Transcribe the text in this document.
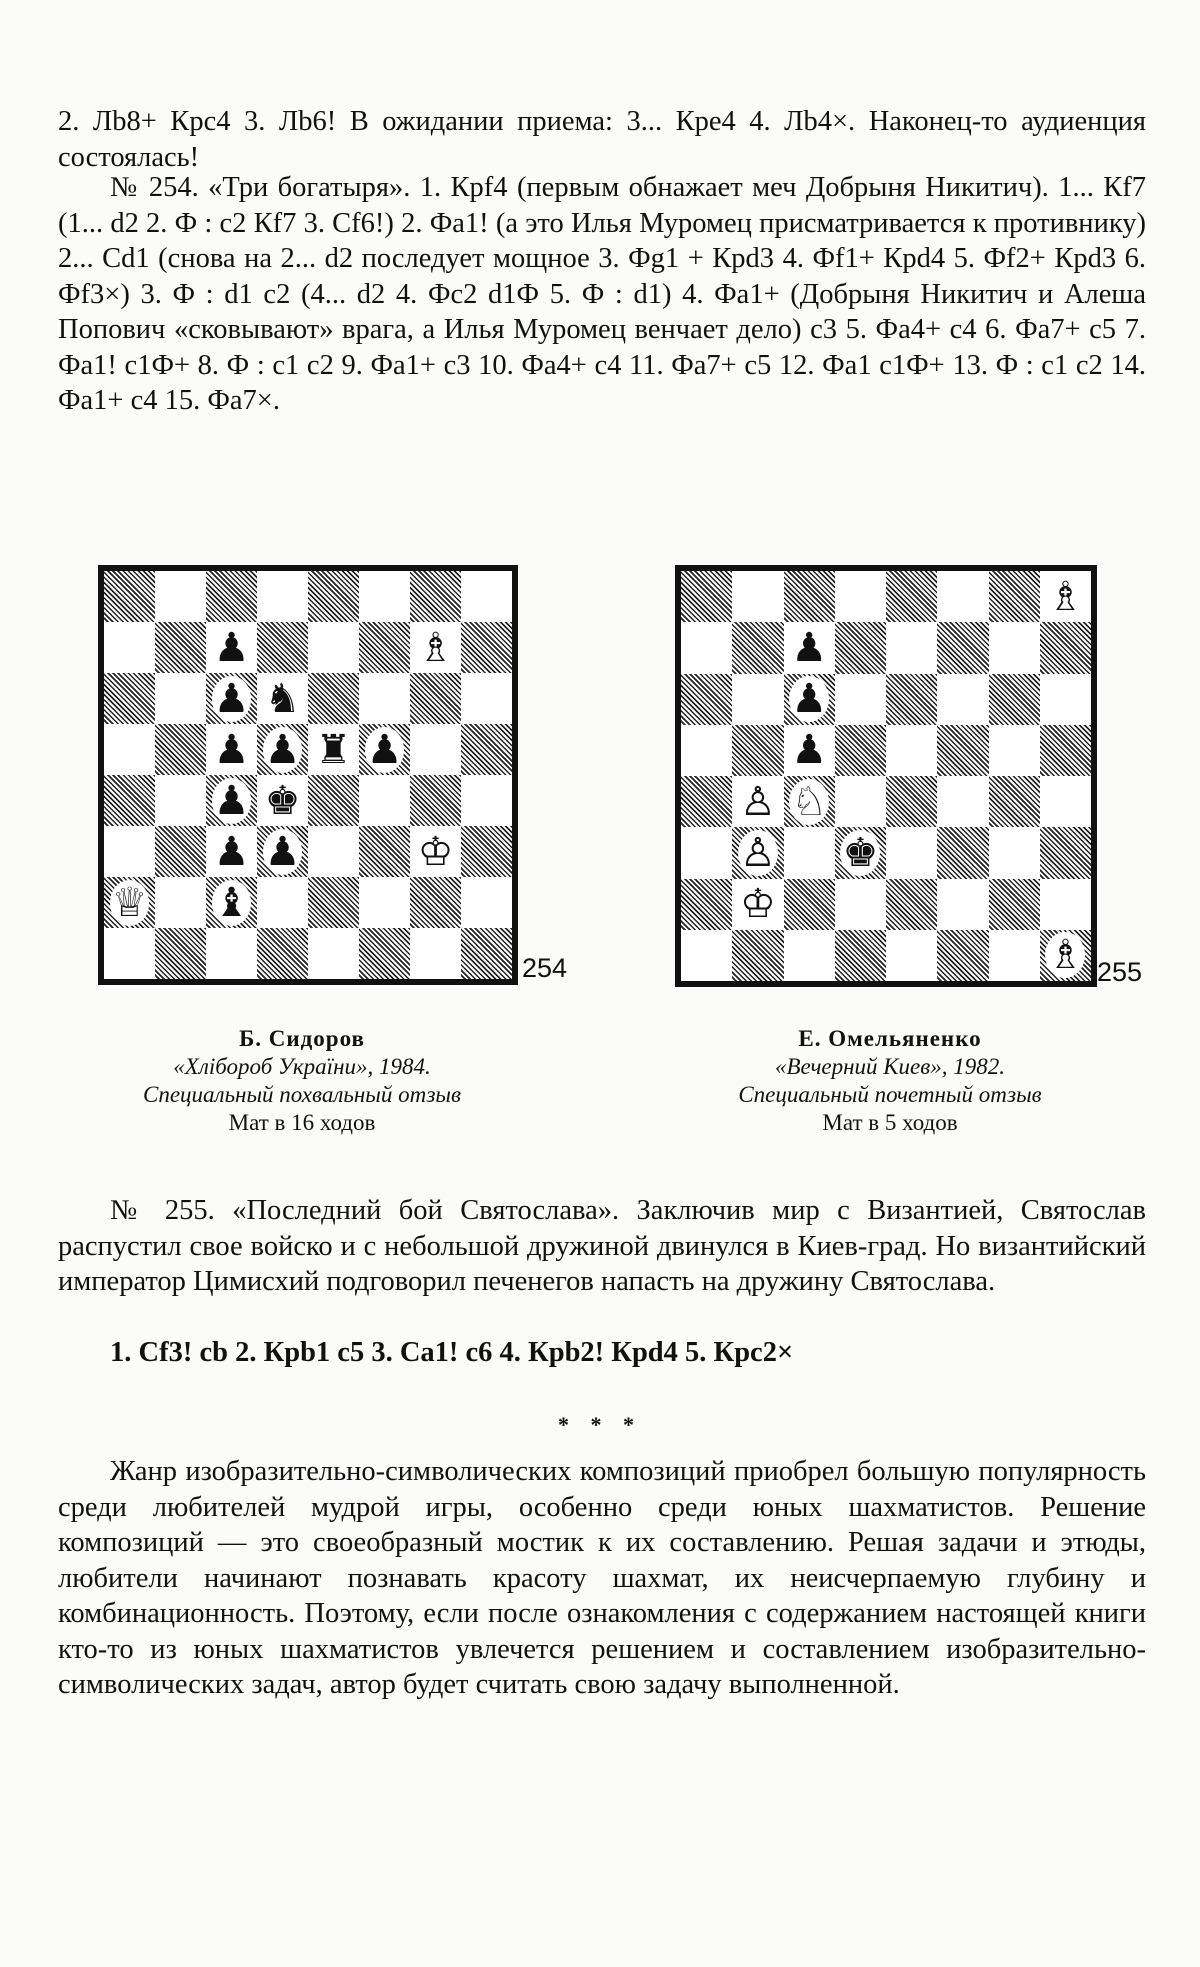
2. Лb8+ Крc4 3. Лb6! В ожидании приема: 3... Крe4 4. Лb4×. Наконец-то аудиенция состоялась!

№ 254. «Три богатыря». 1. Крf4 (первым обнажает меч Добрыня Никитич). 1... Кf7 (1... d2 2. Ф : c2 Кf7 3. Сf6!) 2. Фa1! (а это Илья Муромец присматривается к противнику) 2... Сd1 (снова на 2... d2 последует мощное 3. Фg1 + Крd3 4. Фf1+ Крd4 5. Фf2+ Крd3 6. Фf3×) 3. Ф : d1 c2 (4... d2 4. Фc2 d1Ф 5. Ф : d1) 4. Фa1+ (Добрыня Никитич и Алеша Попович «сковывают» врага, а Илья Муромец венчает дело) c3 5. Фa4+ c4 6. Фa7+ c5 7. Фa1! c1Ф+ 8. Ф : c1 c2 9. Фa1+ c3 10. Фa4+ c4 11. Фa7+ c5 12. Фa1 c1Ф+ 13. Ф : c1 c2 14. Фa1+ c4 15. Фa7×.

♟	♗
♟ ♞
♟ ♟ ♜ ♟
♟ ♚
♟ ♟	♔
♕ ♝
254
♗
♟
♟
♟
♙ ♘
♙ ♚
♔
♗ 255
Б. Сидоров
«Хлібороб України», 1984.
Специальный похвальный отзыв
Мат в 16 ходов
Е. Омельяненко
«Вечерний Киев», 1982.
Специальный почетный отзыв
Мат в 5 ходов

№ 255. «Последний бой Святослава». Заключив мир с Византией, Святослав распустил свое войско и с небольшой дружиной двинулся в Киев-град. Но византийский император Цимисхий подговорил печенегов напасть на дружину Святослава.

1. Сf3! cb 2. Крb1 c5 3. Сa1! c6 4. Крb2! Крd4 5. Крc2×

* * *

Жанр изобразительно-символических композиций приобрел большую популярность среди любителей мудрой игры, особенно среди юных шахматистов. Решение композиций — это своеобразный мостик к их составлению. Решая задачи и этюды, любители начинают познавать красоту шахмат, их неисчерпаемую глубину и комбинационность. Поэтому, если после ознакомления с содержанием настоящей книги кто-то из юных шахматистов увлечется решением и составлением изобразительно-символических задач, автор будет считать свою задачу выполненной.
